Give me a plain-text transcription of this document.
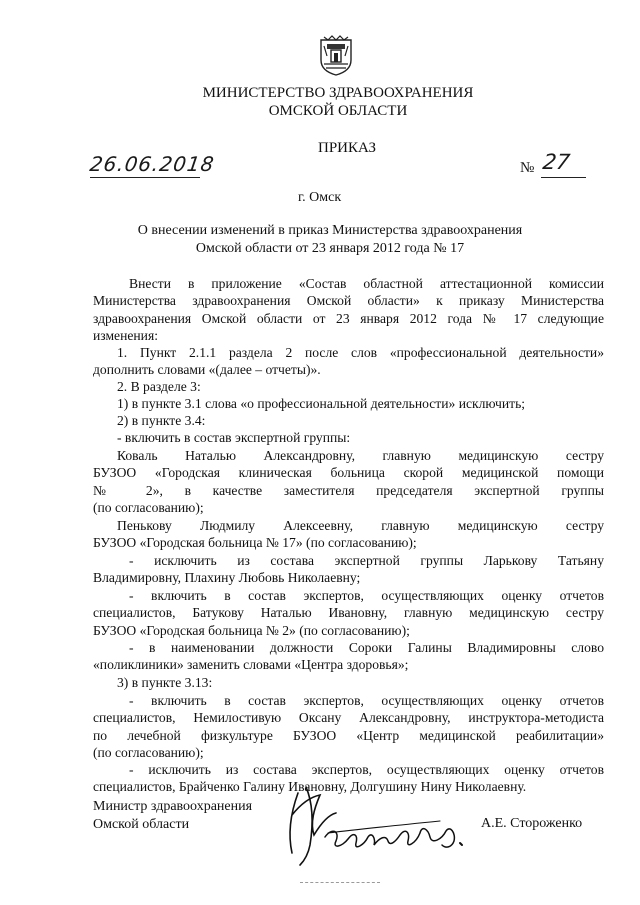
МИНИСТЕРСТВО ЗДРАВООХРАНЕНИЯ
ОМСКОЙ ОБЛАСТИ
ПРИКАЗ
26.06.2018	№ 27
г. Омск
О внесении изменений в приказ Министерства здравоохранения
Омской области от 23 января 2012 года № 17
Внести в приложение «Состав областной аттестационной комиссии
Министерства здравоохранения Омской области» к приказу Министерства
здравоохранения Омской области от 23 января 2012 года № 17 следующие
изменения:
1. Пункт 2.1.1 раздела 2 после слов «профессиональной деятельности»
дополнить словами «(далее – отчеты)».
2. В разделе 3:
1) в пункте 3.1 слова «о профессиональной деятельности» исключить;
2) в пункте 3.4:
- включить в состав экспертной группы:
Коваль Наталью Александровну, главную медицинскую сестру
БУЗОО «Городская клиническая больница скорой медицинской помощи
№ 2», в качестве заместителя председателя экспертной группы
(по согласованию);
Пенькову Людмилу Алексеевну, главную медицинскую сестру
БУЗОО «Городская больница № 17» (по согласованию);
- исключить из состава экспертной группы Ларькову Татьяну
Владимировну, Плахину Любовь Николаевну;
- включить в состав экспертов, осуществляющих оценку отчетов
специалистов, Батукову Наталью Ивановну, главную медицинскую сестру
БУЗОО «Городская больница № 2» (по согласованию);
- в наименовании должности Сороки Галины Владимировны слово
«поликлиники» заменить словами «Центра здоровья»;
3) в пункте 3.13:
- включить в состав экспертов, осуществляющих оценку отчетов
специалистов, Немилостивую Оксану Александровну, инструктора-методиста
по лечебной физкультуре БУЗОО «Центр медицинской реабилитации»
(по согласованию);
- исключить из состава экспертов, осуществляющих оценку отчетов
специалистов, Брайченко Галину Ивановну, Долгушину Нину Николаевну.
Министр здравоохранения
Омской области	А.Е. Стороженко
